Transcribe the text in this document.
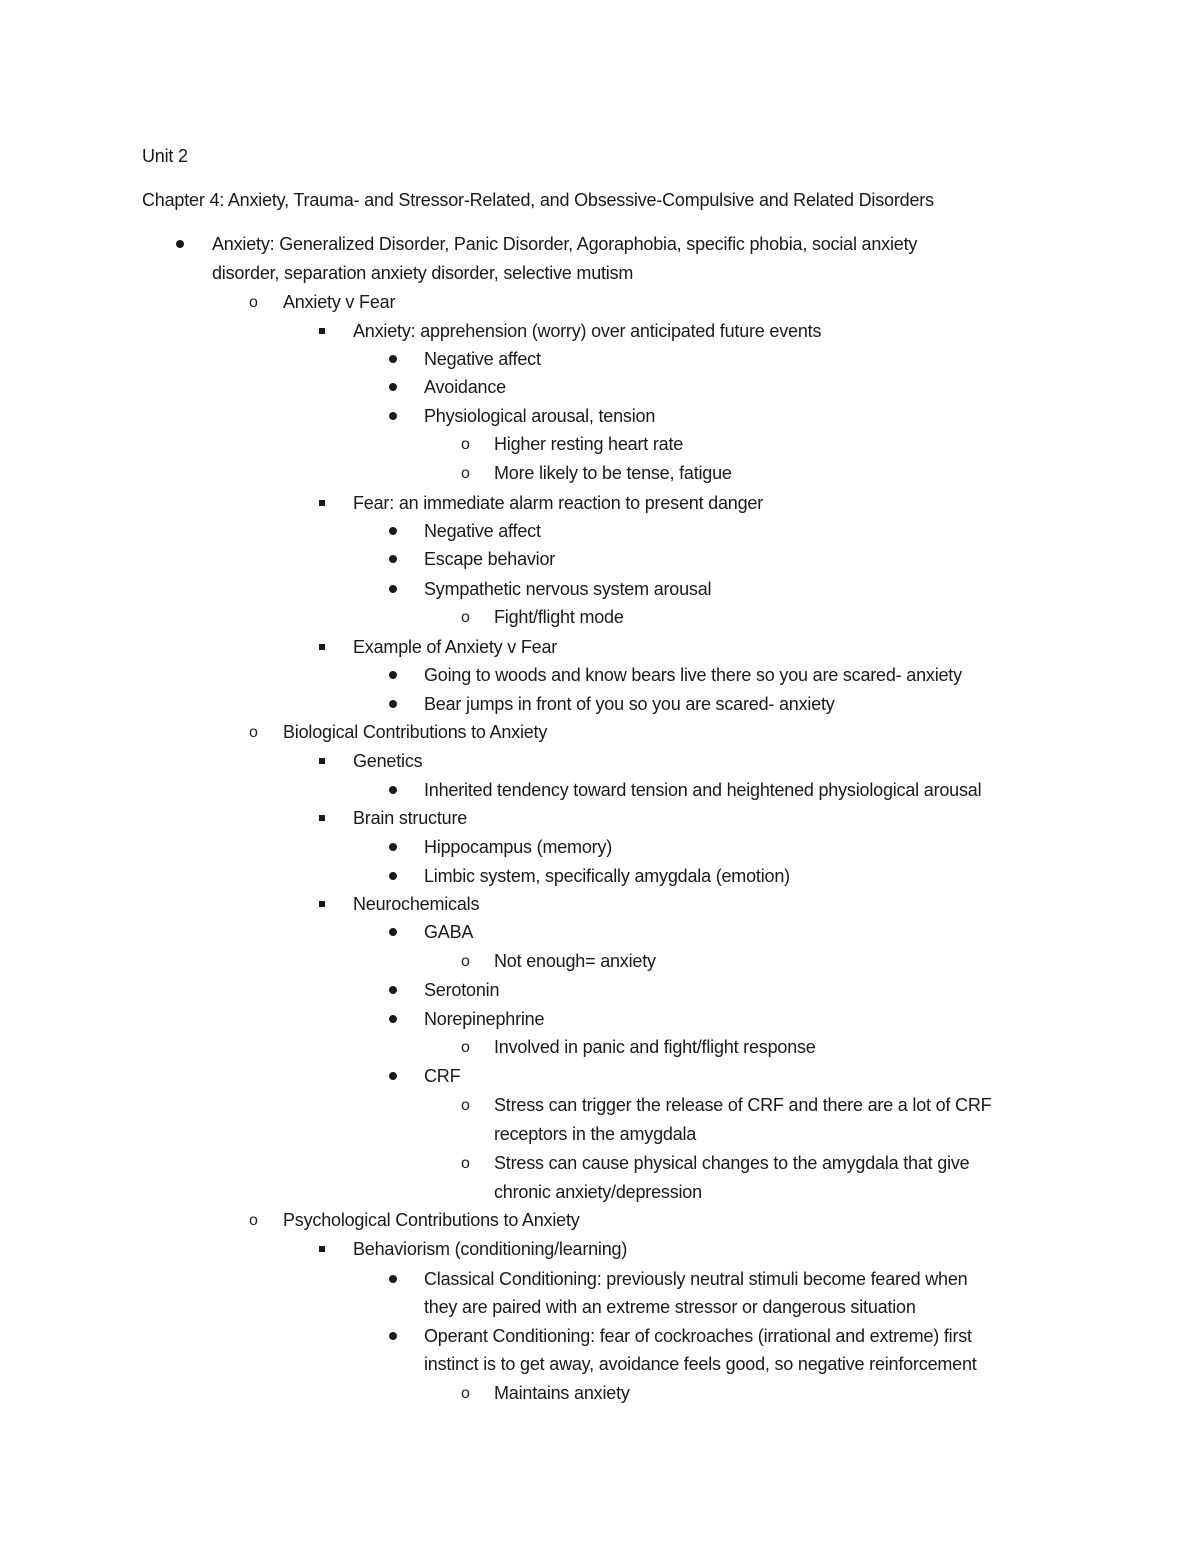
Unit 2
Chapter 4: Anxiety, Trauma- and Stressor-Related, and Obsessive-Compulsive and Related Disorders
Anxiety: Generalized Disorder, Panic Disorder, Agoraphobia, specific phobia, social anxiety
disorder, separation anxiety disorder, selective mutism
Anxiety v Fear
o
Anxiety: apprehension (worry) over anticipated future events
Negative affect
Avoidance
Physiological arousal, tension
Higher resting heart rate
o
More likely to be tense, fatigue
o
Fear: an immediate alarm reaction to present danger
Negative affect
Escape behavior
Sympathetic nervous system arousal
Fight/flight mode
o
Example of Anxiety v Fear
Going to woods and know bears live there so you are scared- anxiety
Bear jumps in front of you so you are scared- anxiety
Biological Contributions to Anxiety
o
Genetics
Inherited tendency toward tension and heightened physiological arousal
Brain structure
Hippocampus (memory)
Limbic system, specifically amygdala (emotion)
Neurochemicals
GABA
Not enough= anxiety
o
Serotonin
Norepinephrine
Involved in panic and fight/flight response
o
CRF
Stress can trigger the release of CRF and there are a lot of CRF
o
receptors in the amygdala
Stress can cause physical changes to the amygdala that give
o
chronic anxiety/depression
Psychological Contributions to Anxiety
o
Behaviorism (conditioning/learning)
Classical Conditioning: previously neutral stimuli become feared when
they are paired with an extreme stressor or dangerous situation
Operant Conditioning: fear of cockroaches (irrational and extreme) first
instinct is to get away, avoidance feels good, so negative reinforcement
Maintains anxiety
o
